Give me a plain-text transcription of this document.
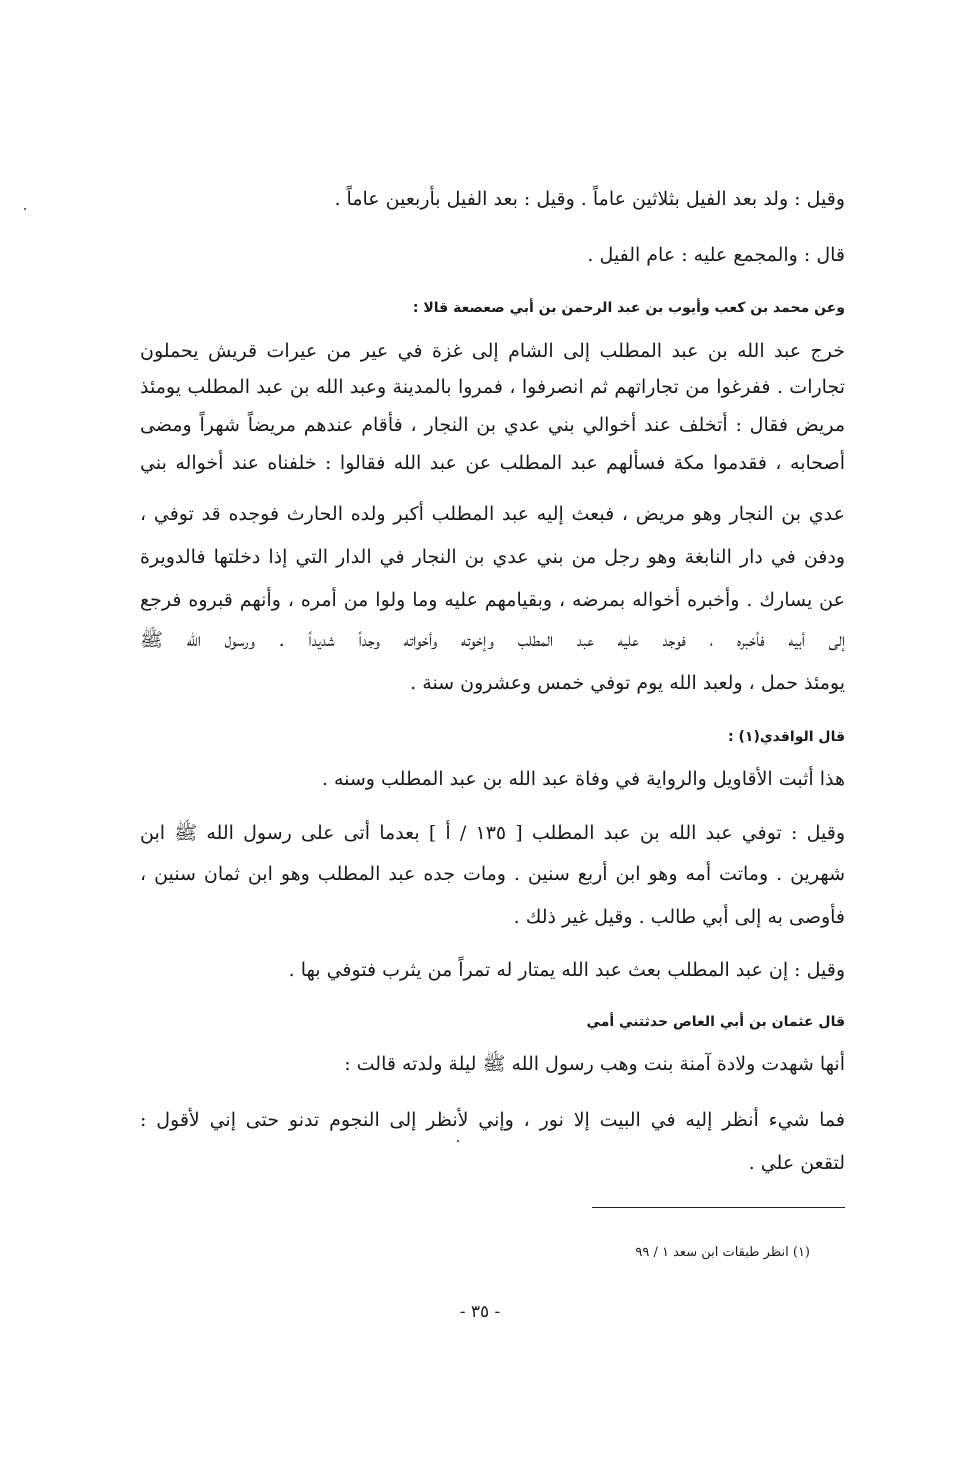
وقيل : ولد بعد الفيل بثلاثين عاماً . وقيل : بعد الفيل بأربعين عاماً .
قال : والمجمع عليه : عام الفيل .
وعن محمد بن كعب وأيوب بن عبد الرحمن بن أبي صعصعة قالا :
خرج عبد الله بن عبد المطلب إلى الشام إلى غزة في عير من عيرات قريش يحملون
تجارات . ففرغوا من تجاراتهم ثم انصرفوا ، فمروا بالمدينة وعبد الله بن عبد المطلب يومئذ
مريض فقال : أتخلف عند أخوالي بني عدي بن النجار ، فأقام عندهم مريضاً شهراً ومضى
أصحابه ، فقدموا مكة فسألهم عبد المطلب عن عبد الله فقالوا : خلفناه عند أخواله بني
عدي بن النجار وهو مريض ، فبعث إليه عبد المطلب أكبر ولده الحارث فوجده قد توفي ،
ودفن في دار النابغة وهو رجل من بني عدي بن النجار في الدار التي إذا دخلتها فالدويرة
عن يسارك . وأخبره أخواله بمرضه ، وبقيامهم عليه وما ولوا من أمره ، وأنهم قبروه فرجع
إلى أبيه فأخبره ، فوجد عليه عبد المطلب وإخوته وأخواته وجداً شديداً . ورسول الله ﷺ
يومئذ حمل ، ولعبد الله يوم توفي خمس وعشرون سنة .
قال الواقدي(١) :
هذا أثبت الأقاويل والرواية في وفاة عبد الله بن عبد المطلب وسنه .
وقيل : توفي عبد الله بن عبد المطلب [ ١٣٥ / أ ] بعدما أتى على رسول الله ﷺ ابن
شهرين . وماتت أمه وهو ابن أربع سنين . ومات جده عبد المطلب وهو ابن ثمان سنين ،
فأوصى به إلى أبي طالب . وقيل غير ذلك .
وقيل : إن عبد المطلب بعث عبد الله يمتار له تمراً من يثرب فتوفي بها .
قال عثمان بن أبي العاص حدثتني أمي
أنها شهدت ولادة آمنة بنت وهب رسول الله ﷺ ليلة ولدته قالت :
فما شيء أنظر إليه في البيت إلا نور ، وإني لأنظر إلى النجوم تدنو حتى إني لأقول :
لتقعن علي .
(١) انظر طبقات ابن سعد ١ / ٩٩
- ٣٥ -
